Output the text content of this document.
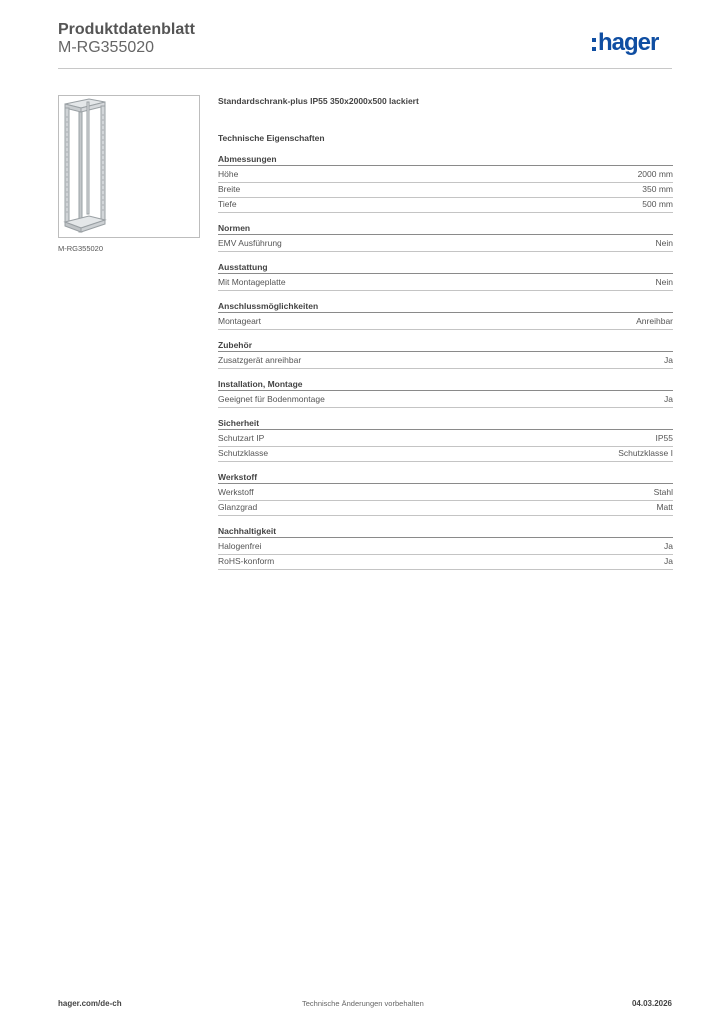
Produktdatenblatt
M-RG355020	hager
M-RG355020
Standardschrank-plus IP55 350x2000x500 lackiert
Technische Eigenschaften
Abmessungen
Höhe	2000 mm
Breite	350 mm
Tiefe	500 mm
Normen
EMV Ausführung	Nein
Ausstattung
Mit Montageplatte	Nein
Anschlussmöglichkeiten
Montageart	Anreihbar
Zubehör
Zusatzgerät anreihbar	Ja
Installation, Montage
Geeignet für Bodenmontage	Ja
Sicherheit
Schutzart IP	IP55
Schutzklasse	Schutzklasse I
Werkstoff
Werkstoff	Stahl
Glanzgrad	Matt
Nachhaltigkeit
Halogenfrei	Ja
RoHS-konform	Ja
hager.com/de-ch	Technische Änderungen vorbehalten	04.03.2026
